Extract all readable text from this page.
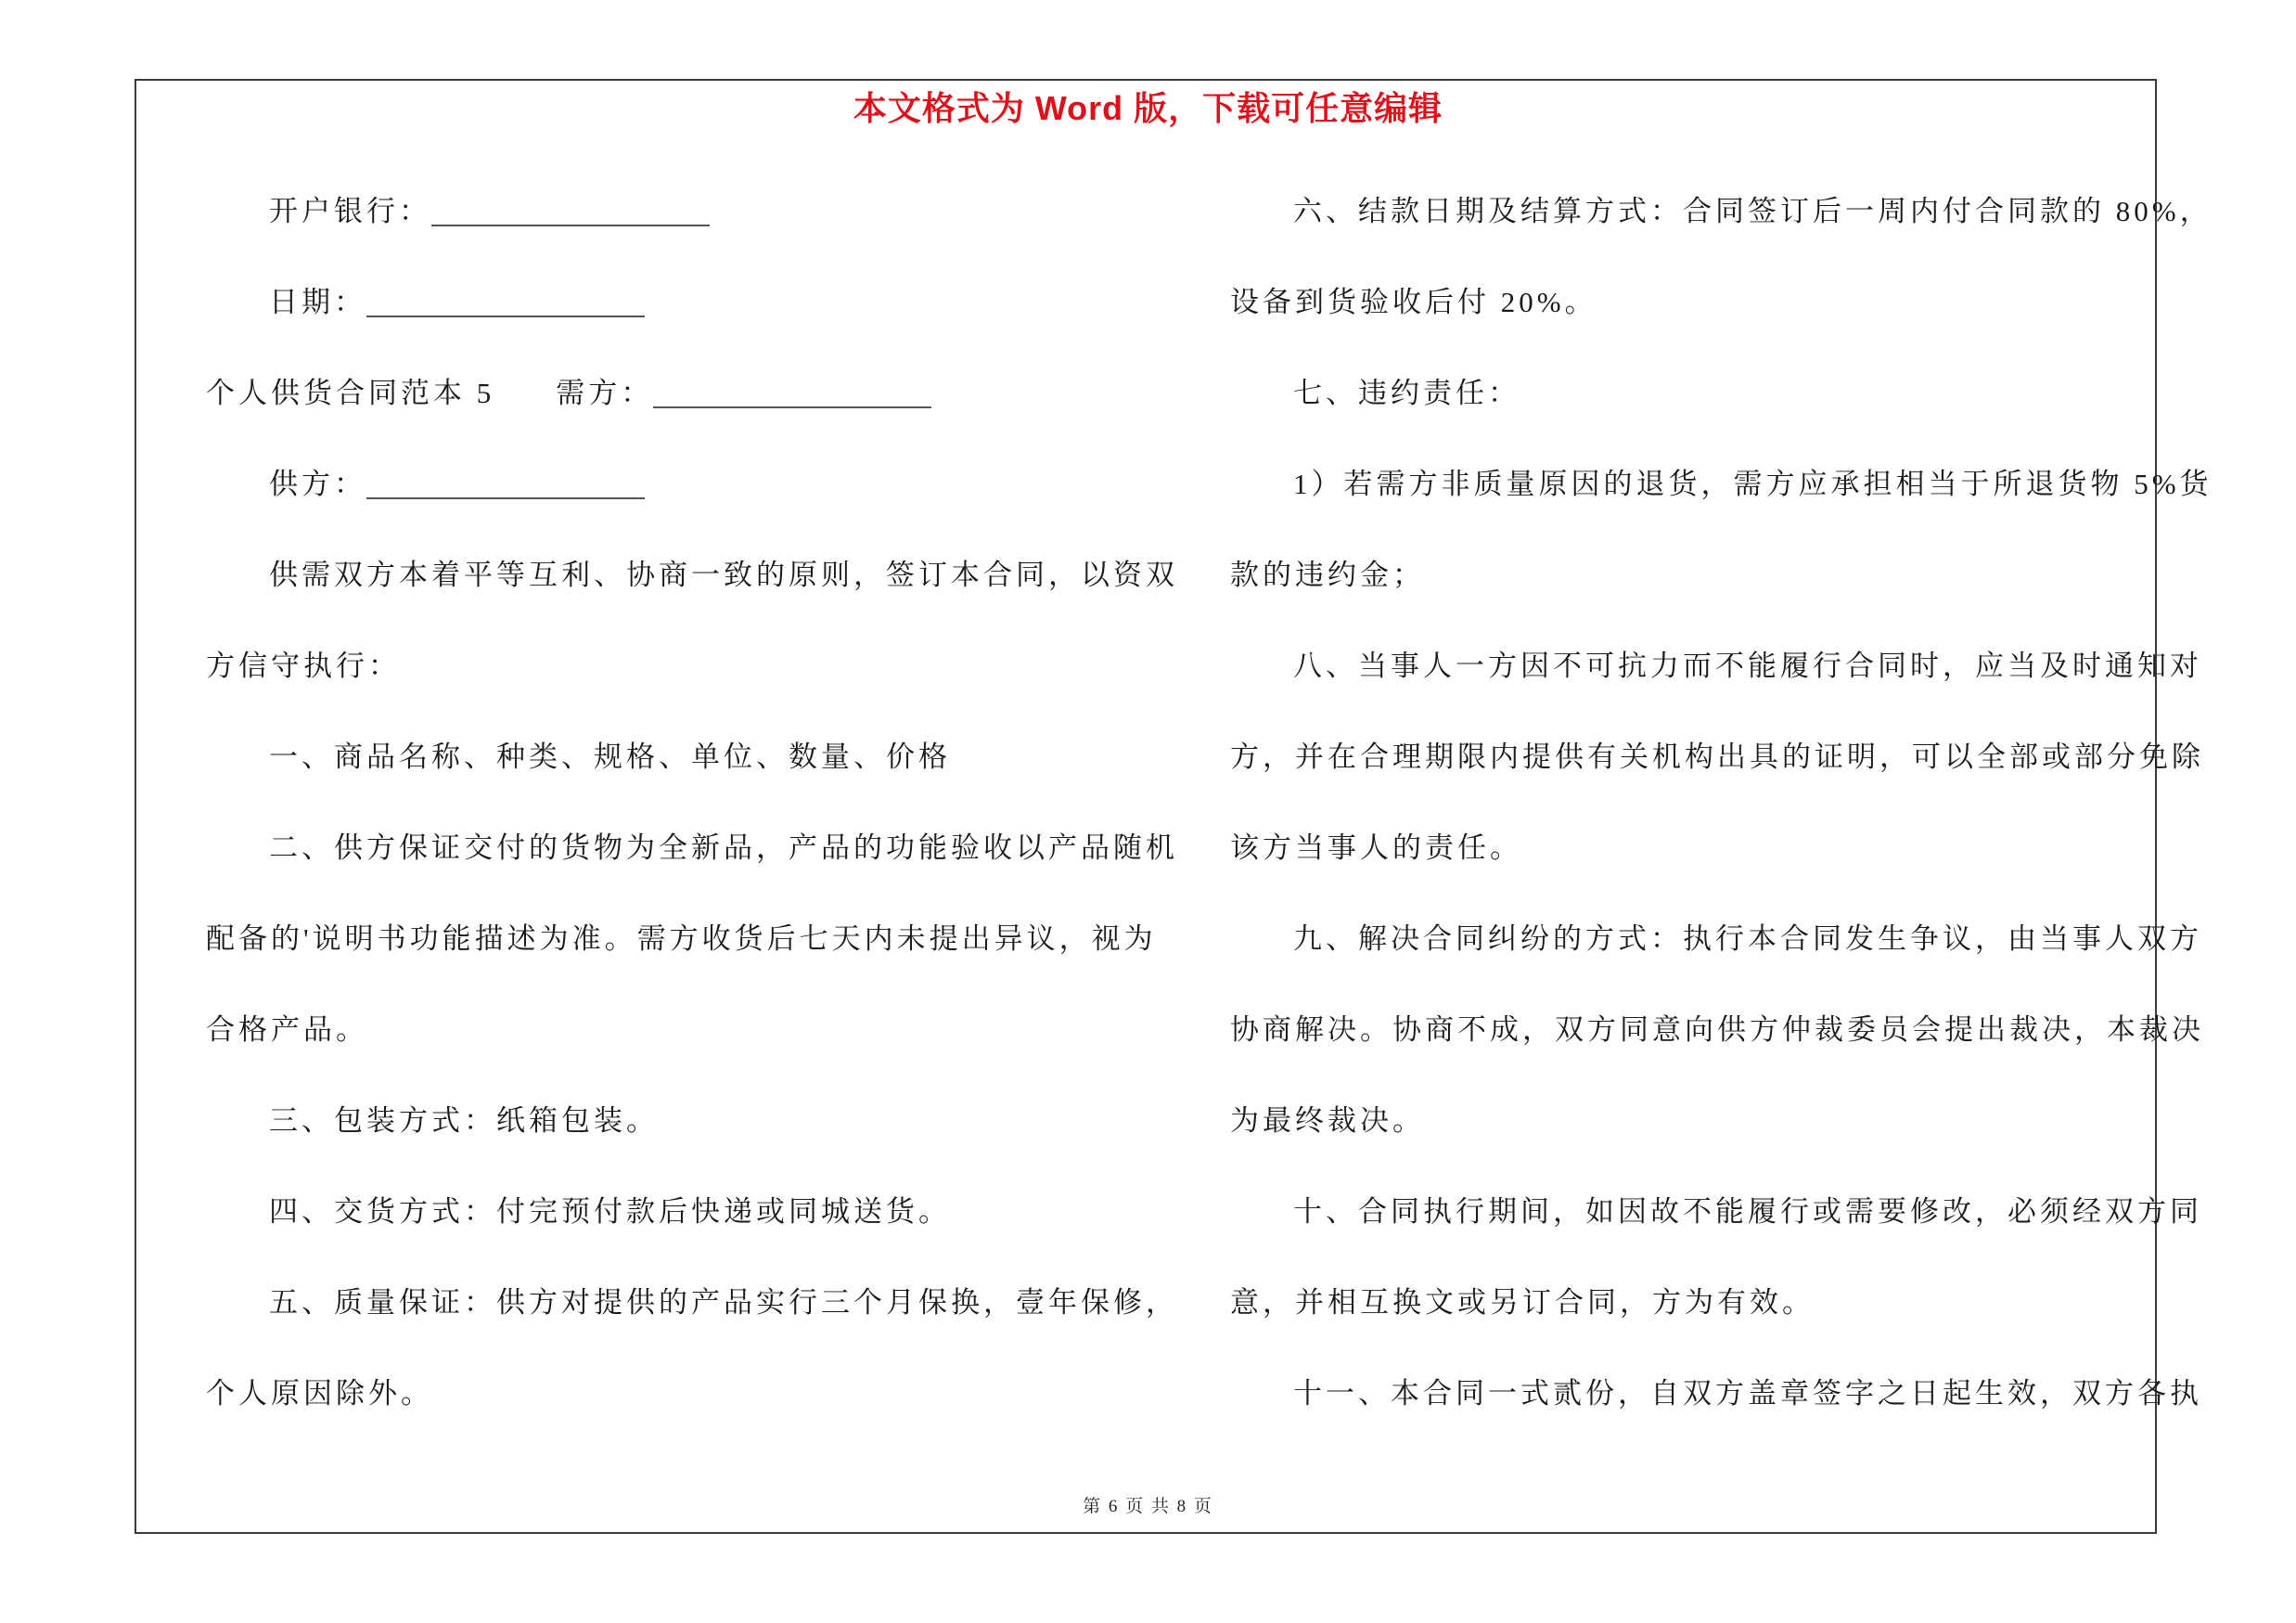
本文格式为 Word 版，下载可任意编辑
开户银行：
日期：
个人供货合同范本 5 需方：
供方：
供需双方本着平等互利、协商一致的原则，签订本合同，以资双
方信守执行：
一、商品名称、种类、规格、单位、数量、价格
二、供方保证交付的货物为全新品，产品的功能验收以产品随机
配备的'说明书功能描述为准。需方收货后七天内未提出异议，视为
合格产品。
三、包装方式：纸箱包装。
四、交货方式：付完预付款后快递或同城送货。
五、质量保证：供方对提供的产品实行三个月保换，壹年保修，
个人原因除外。
六、结款日期及结算方式：合同签订后一周内付合同款的 80%，
设备到货验收后付 20%。
七、违约责任：
1）若需方非质量原因的退货，需方应承担相当于所退货物 5%货
款的违约金；
八、当事人一方因不可抗力而不能履行合同时，应当及时通知对
方，并在合理期限内提供有关机构出具的证明，可以全部或部分免除
该方当事人的责任。
九、解决合同纠纷的方式：执行本合同发生争议，由当事人双方
协商解决。协商不成，双方同意向供方仲裁委员会提出裁决，本裁决
为最终裁决。
十、合同执行期间，如因故不能履行或需要修改，必须经双方同
意，并相互换文或另订合同，方为有效。
十一、本合同一式贰份，自双方盖章签字之日起生效，双方各执
第 6 页 共 8 页
